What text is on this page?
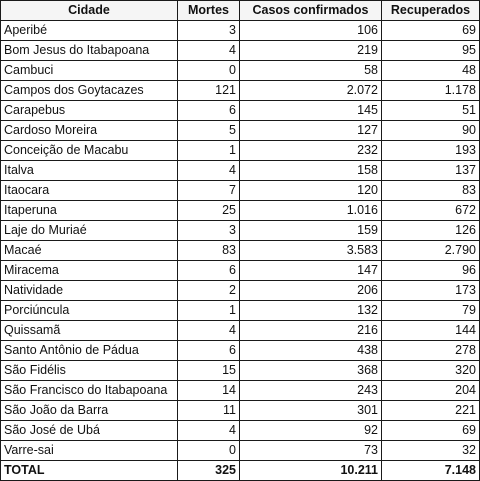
Cidade	Mortes	Casos confirmados	Recuperados
Aperibé	3	106	69
Bom Jesus do Itabapoana	4	219	95
Cambuci	0	58	48
Campos dos Goytacazes	121	2.072	1.178
Carapebus	6	145	51
Cardoso Moreira	5	127	90
Conceição de Macabu	1	232	193
Italva	4	158	137
Itaocara	7	120	83
Itaperuna	25	1.016	672
Laje do Muriaé	3	159	126
Macaé	83	3.583	2.790
Miracema	6	147	96
Natividade	2	206	173
Porciúncula	1	132	79
Quissamã	4	216	144
Santo Antônio de Pádua	6	438	278
São Fidélis	15	368	320
São Francisco do Itabapoana	14	243	204
São João da Barra	11	301	221
São José de Ubá	4	92	69
Varre-sai	0	73	32
TOTAL	325	10.211	7.148
